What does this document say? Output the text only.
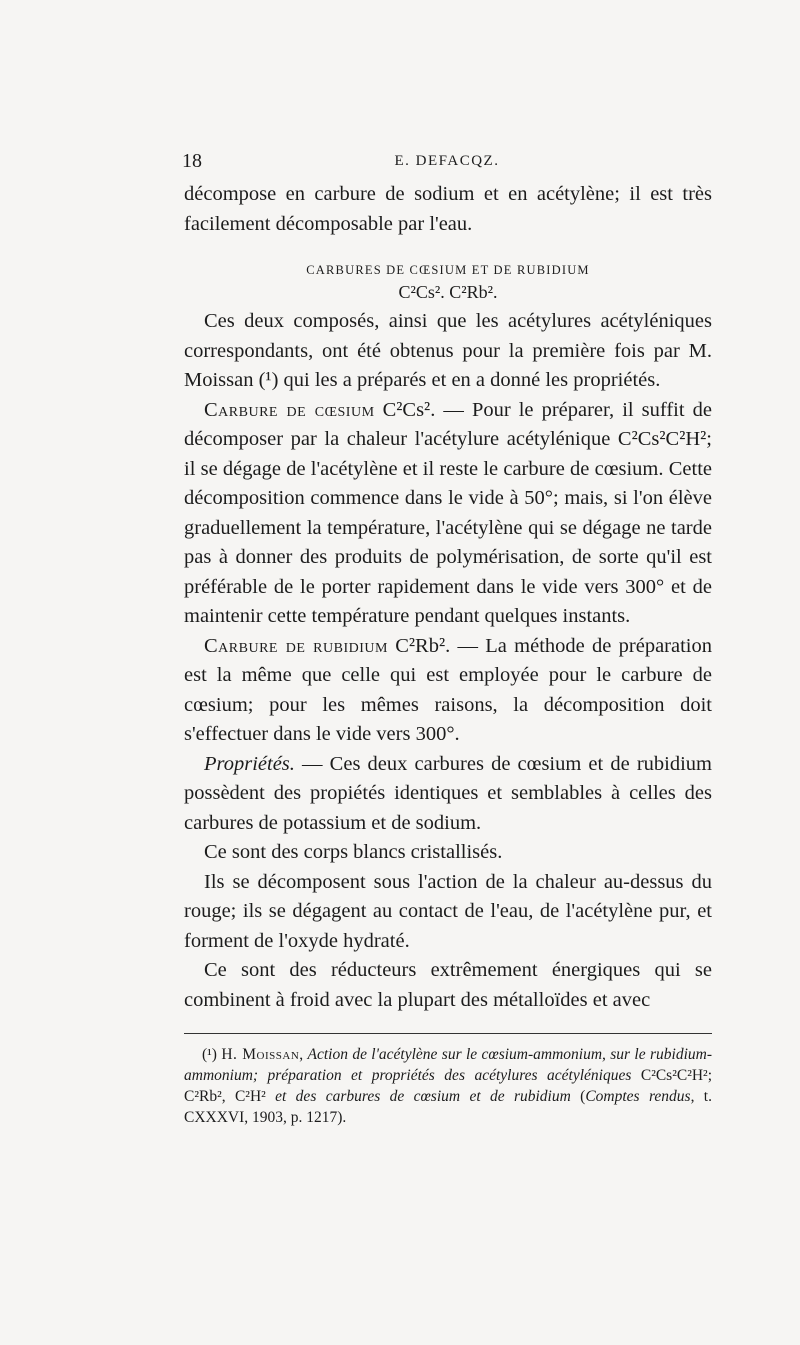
18	E. DEFACQZ.

décompose en carbure de sodium et en acétylène; il est très facilement décomposable par l'eau.

CARBURES DE CŒSIUM ET DE RUBIDIUM
C²Cs². C²Rb².

Ces deux composés, ainsi que les acétylures acétyléniques correspondants, ont été obtenus pour la première fois par M. Moissan (¹) qui les a préparés et en a donné les propriétés.

Carbure de cœsium C²Cs². — Pour le préparer, il suffit de décomposer par la chaleur l'acétylure acétylénique C²Cs²C²H²; il se dégage de l'acétylène et il reste le carbure de cœsium. Cette décomposition commence dans le vide à 50°; mais, si l'on élève graduellement la température, l'acétylène qui se dégage ne tarde pas à donner des produits de polymérisation, de sorte qu'il est préférable de le porter rapidement dans le vide vers 300° et de maintenir cette température pendant quelques instants.

Carbure de rubidium C²Rb². — La méthode de préparation est la même que celle qui est employée pour le carbure de cœsium; pour les mêmes raisons, la décomposition doit s'effectuer dans le vide vers 300°.

Propriétés. — Ces deux carbures de cœsium et de rubidium possèdent des propiétés identiques et semblables à celles des carbures de potassium et de sodium.

Ce sont des corps blancs cristallisés.

Ils se décomposent sous l'action de la chaleur au-dessus du rouge; ils se dégagent au contact de l'eau, de l'acétylène pur, et forment de l'oxyde hydraté.

Ce sont des réducteurs extrêmement énergiques qui se combinent à froid avec la plupart des métalloïdes et avec

(¹) H. Moissan, Action de l'acétylène sur le cœsium-ammonium, sur le rubidium-ammonium; préparation et propriétés des acétylures acétyléniques C²Cs²C²H²; C²Rb², C²H² et des carbures de cœsium et de rubidium (Comptes rendus, t. CXXXVI, 1903, p. 1217).
